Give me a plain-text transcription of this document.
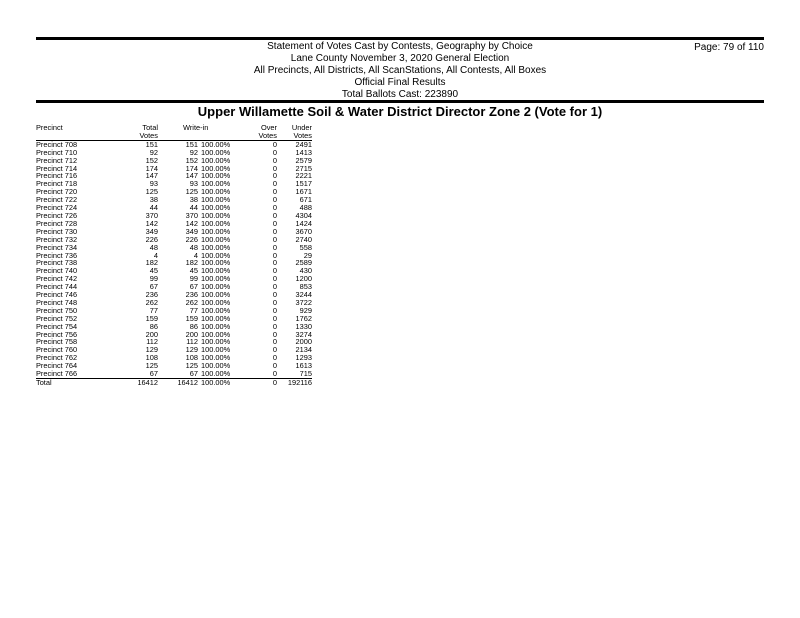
Statement of Votes Cast by Contests, Geography by Choice
Lane County November 3, 2020 General Election
All Precincts, All Districts, All ScanStations, All Contests, All Boxes
Official Final Results
Total Ballots Cast: 223890
Page: 79 of 110
Upper Willamette Soil & Water District Director Zone 2 (Vote for 1)
Precinct	Total	Write-in		Over	Under
	Votes			Votes	Votes
Precinct 708	151	151	100.00%	0	2491
Precinct 710	92	92	100.00%	0	1413
Precinct 712	152	152	100.00%	0	2579
Precinct 714	174	174	100.00%	0	2715
Precinct 716	147	147	100.00%	0	2221
Precinct 718	93	93	100.00%	0	1517
Precinct 720	125	125	100.00%	0	1671
Precinct 722	38	38	100.00%	0	671
Precinct 724	44	44	100.00%	0	488
Precinct 726	370	370	100.00%	0	4304
Precinct 728	142	142	100.00%	0	1424
Precinct 730	349	349	100.00%	0	3670
Precinct 732	226	226	100.00%	0	2740
Precinct 734	48	48	100.00%	0	558
Precinct 736	4	4	100.00%	0	29
Precinct 738	182	182	100.00%	0	2589
Precinct 740	45	45	100.00%	0	430
Precinct 742	99	99	100.00%	0	1200
Precinct 744	67	67	100.00%	0	853
Precinct 746	236	236	100.00%	0	3244
Precinct 748	262	262	100.00%	0	3722
Precinct 750	77	77	100.00%	0	929
Precinct 752	159	159	100.00%	0	1762
Precinct 754	86	86	100.00%	0	1330
Precinct 756	200	200	100.00%	0	3274
Precinct 758	112	112	100.00%	0	2000
Precinct 760	129	129	100.00%	0	2134
Precinct 762	108	108	100.00%	0	1293
Precinct 764	125	125	100.00%	0	1613
Precinct 766	67	67	100.00%	0	715
Total	16412	16412	100.00%	0	192116
